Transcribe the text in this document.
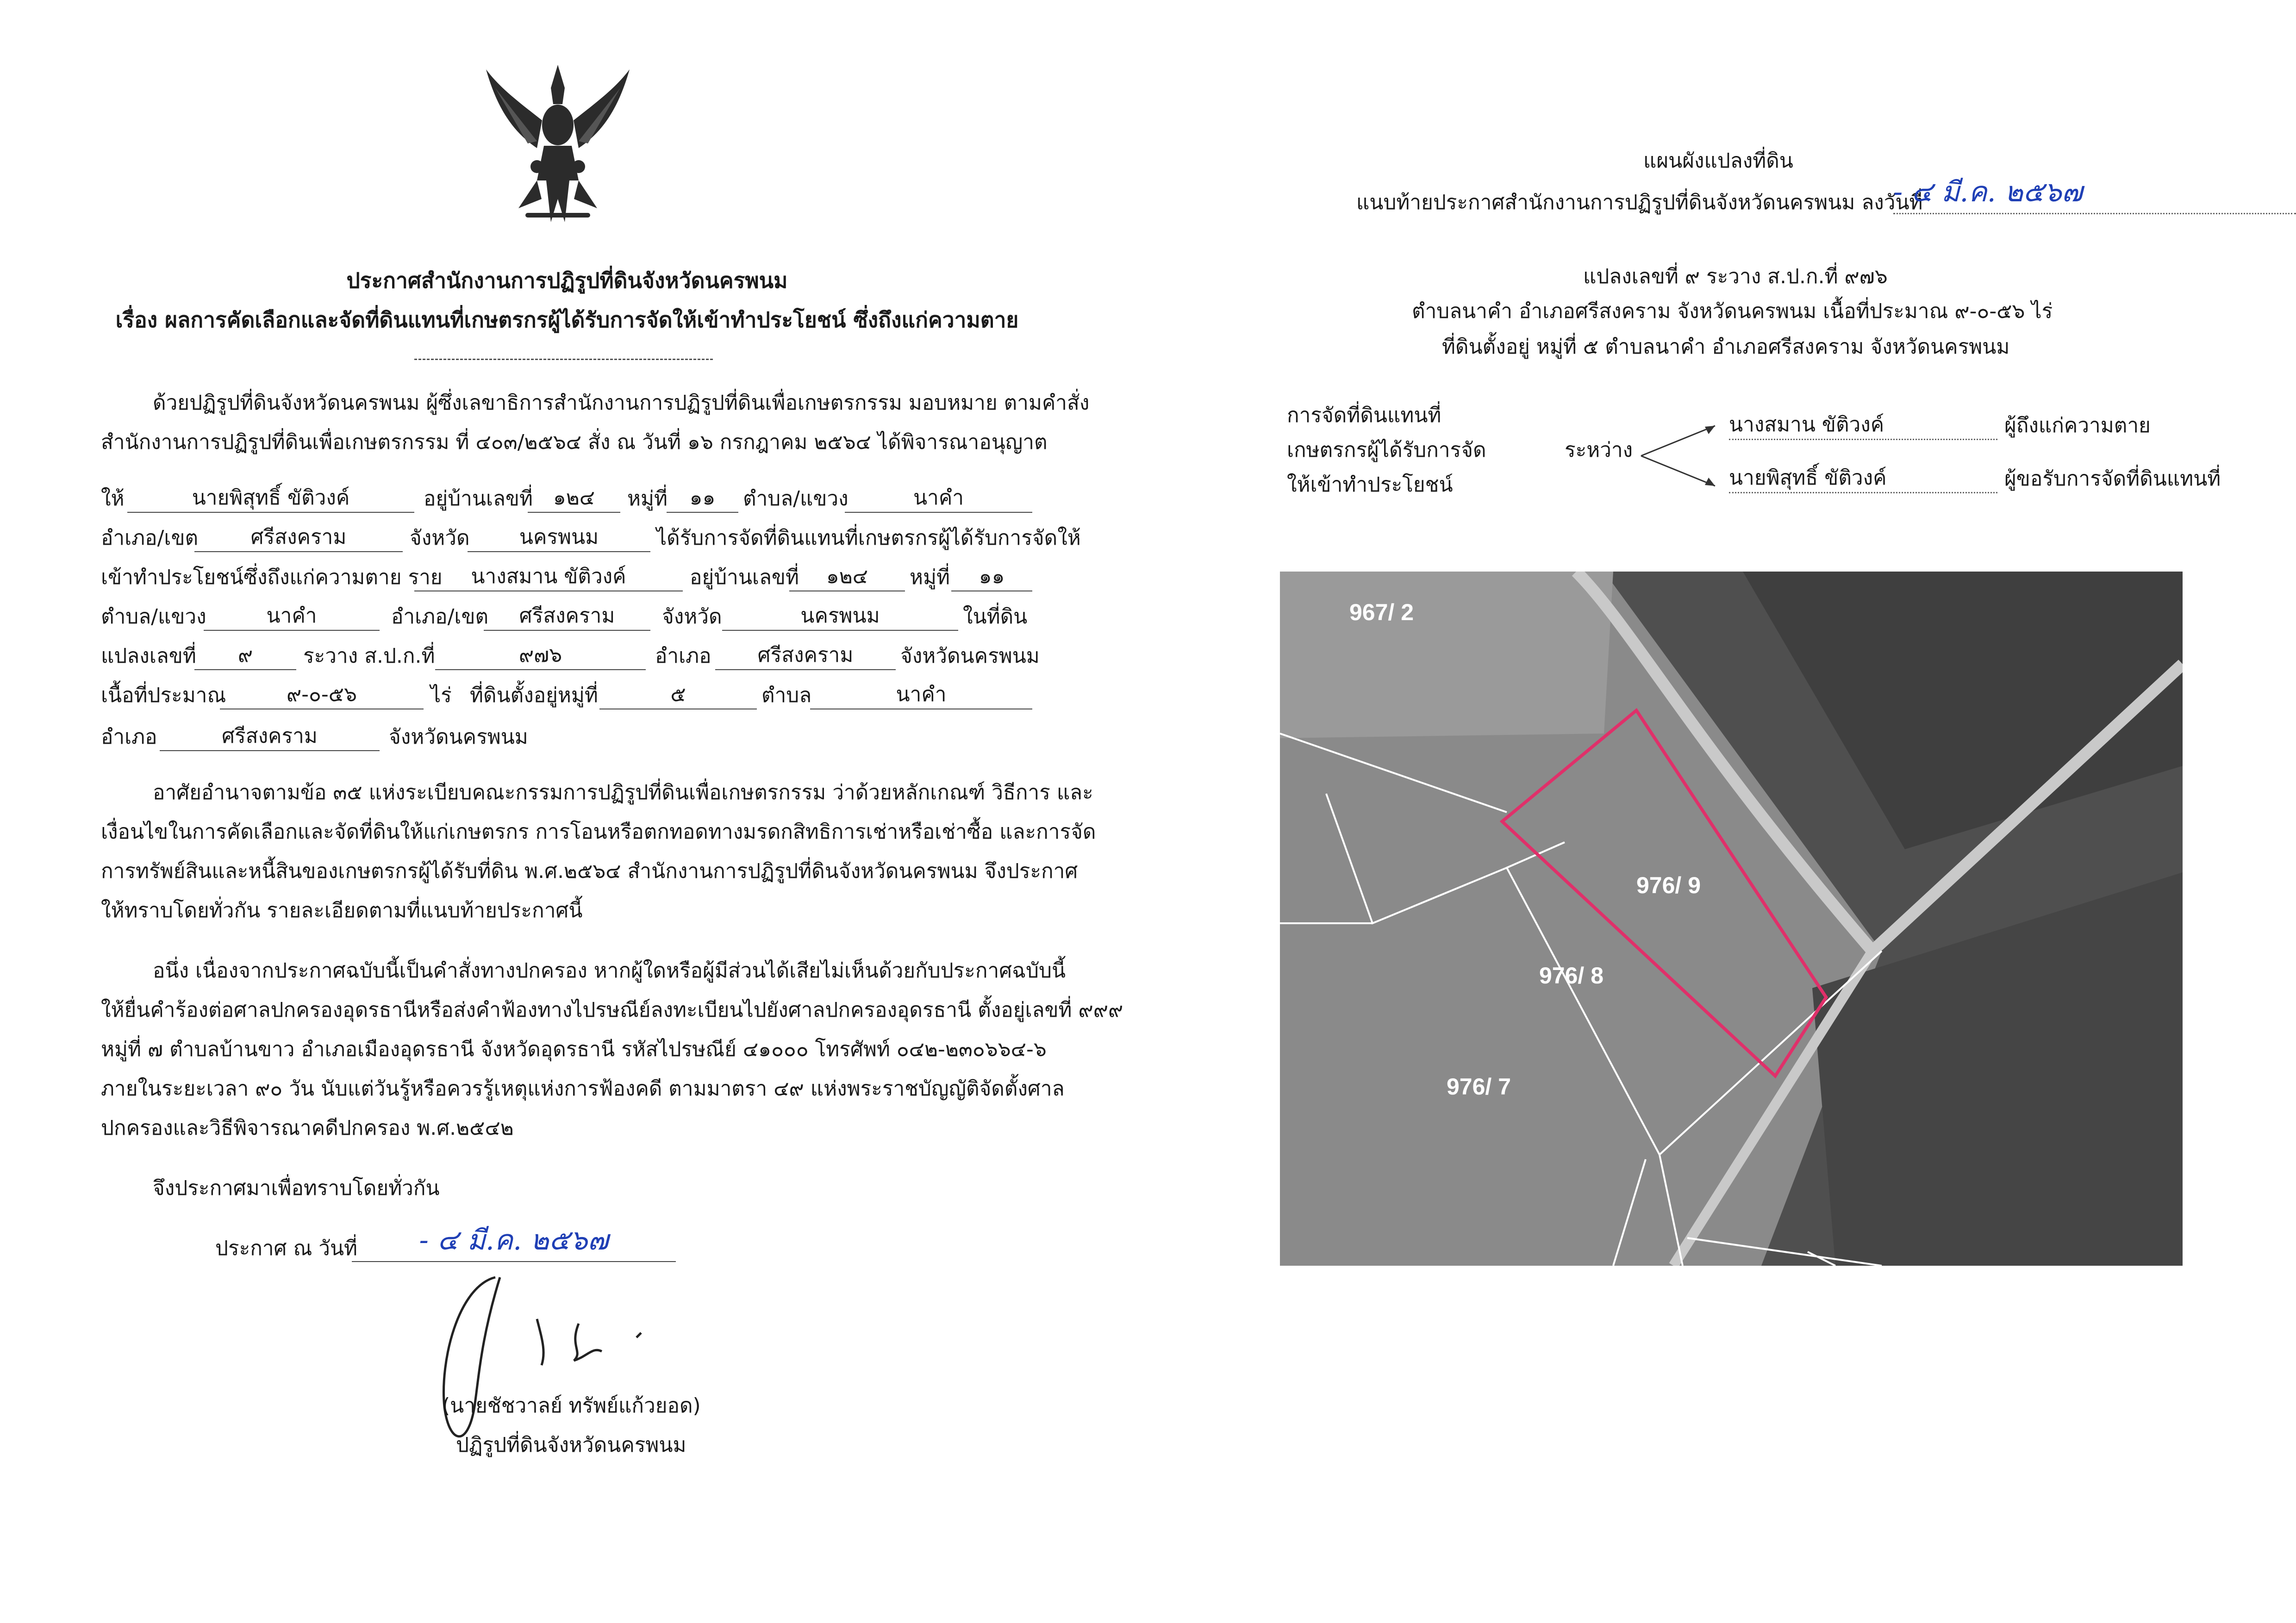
ประกาศสำนักงานการปฏิรูปที่ดินจังหวัดนครพนม
เรื่อง ผลการคัดเลือกและจัดที่ดินแทนที่เกษตรกรผู้ได้รับการจัดให้เข้าทำประโยชน์ ซึ่งถึงแก่ความตาย
ด้วยปฏิรูปที่ดินจังหวัดนครพนม ผู้ซึ่งเลขาธิการสำนักงานการปฏิรูปที่ดินเพื่อเกษตรกรรม มอบหมาย ตามคำสั่ง
สำนักงานการปฏิรูปที่ดินเพื่อเกษตรกรรม ที่ ๔๐๓/๒๕๖๔ สั่ง ณ วันที่ ๑๖ กรกฎาคม ๒๕๖๔ ได้พิจารณาอนุญาต
ให้	นายพิสุทธิ์ ขัติวงค์	อยู่บ้านเลขที่ ๑๒๔	หมู่ที่	๑๑	ตำบล/แขวง	นาคำ
อำเภอ/เขต	ศรีสงคราม	จังหวัด	นครพนม	ได้รับการจัดที่ดินแทนที่เกษตรกรผู้ได้รับการจัดให้
เข้าทำประโยชน์ซึ่งถึงแก่ความตาย ราย	นางสมาน ขัติวงค์	อยู่บ้านเลขที่	๑๒๔	หมู่ที่	๑๑
ตำบล/แขวง	นาคำ	อำเภอ/เขต	ศรีสงคราม	จังหวัด	นครพนม	ในที่ดิน
แปลงเลขที่	๙	ระวาง ส.ป.ก.ที่	๙๗๖	อำเภอ	ศรีสงคราม	จังหวัดนครพนม
เนื้อที่ประมาณ	๙-๐-๕๖	ไร่ ที่ดินตั้งอยู่หมู่ที่	๕	ตำบล	นาคำ
อำเภอ	ศรีสงคราม	จังหวัดนครพนม
อาศัยอำนาจตามข้อ ๓๕ แห่งระเบียบคณะกรรมการปฏิรูปที่ดินเพื่อเกษตรกรรม ว่าด้วยหลักเกณฑ์ วิธีการ และ
เงื่อนไขในการคัดเลือกและจัดที่ดินให้แก่เกษตรกร การโอนหรือตกทอดทางมรดกสิทธิการเช่าหรือเช่าซื้อ และการจัด
การทรัพย์สินและหนี้สินของเกษตรกรผู้ได้รับที่ดิน พ.ศ.๒๕๖๔ สำนักงานการปฏิรูปที่ดินจังหวัดนครพนม จึงประกาศ
ให้ทราบโดยทั่วกัน รายละเอียดตามที่แนบท้ายประกาศนี้
อนึ่ง เนื่องจากประกาศฉบับนี้เป็นคำสั่งทางปกครอง หากผู้ใดหรือผู้มีส่วนได้เสียไม่เห็นด้วยกับประกาศฉบับนี้
ให้ยื่นคำร้องต่อศาลปกครองอุดรธานีหรือส่งคำฟ้องทางไปรษณีย์ลงทะเบียนไปยังศาลปกครองอุดรธานี ตั้งอยู่เลขที่ ๙๙๙
หมู่ที่ ๗ ตำบลบ้านขาว อำเภอเมืองอุดรธานี จังหวัดอุดรธานี รหัสไปรษณีย์ ๔๑๐๐๐ โทรศัพท์ ๐๔๒-๒๓๐๖๖๔-๖
ภายในระยะเวลา ๙๐ วัน นับแต่วันรู้หรือควรรู้เหตุแห่งการฟ้องคดี ตามมาตรา ๔๙ แห่งพระราชบัญญัติจัดตั้งศาล
ปกครองและวิธีพิจารณาคดีปกครอง พ.ศ.๒๕๔๒
จึงประกาศมาเพื่อทราบโดยทั่วกัน
ประกาศ ณ วันที่	- ๔ มี.ค. ๒๕๖๗
(นายชัชวาลย์ ทรัพย์แก้วยอด)
ปฏิรูปที่ดินจังหวัดนครพนม
แผนผังแปลงที่ดิน
แนบท้ายประกาศสำนักงานการปฏิรูปที่ดินจังหวัดนครพนม ลงวันที่
- ๔ มี.ค. ๒๕๖๗
แปลงเลขที่ ๙ ระวาง ส.ป.ก.ที่ ๙๗๖
ตำบลนาคำ อำเภอศรีสงคราม จังหวัดนครพนม เนื้อที่ประมาณ ๙-๐-๕๖ ไร่
ที่ดินตั้งอยู่ หมู่ที่ ๕ ตำบลนาคำ อำเภอศรีสงคราม จังหวัดนครพนม
การจัดที่ดินแทนที่
เกษตรกรผู้ได้รับการจัด
ให้เข้าทำประโยชน์
ระหว่าง
นางสมาน ขัติวงค์	ผู้ถึงแก่ความตาย
นายพิสุทธิ์ ขัติวงค์	ผู้ขอรับการจัดที่ดินแทนที่
967/ 2
976/ 9
976/ 8
976/ 7
